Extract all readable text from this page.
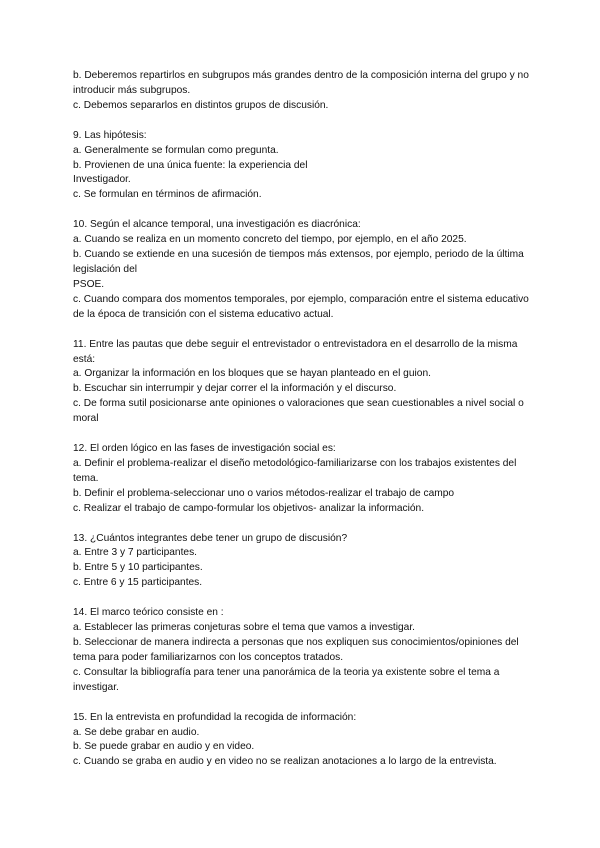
b. Deberemos repartirlos en subgrupos más grandes dentro de la composición interna del grupo y no introducir más subgrupos.

c. Debemos separarlos en distintos grupos de discusión.

9. Las hipótesis:

a. Generalmente se formulan como pregunta.

b. Provienen de una única fuente: la experiencia del

Investigador.

c. Se formulan en términos de afirmación.

10. Según el alcance temporal, una investigación es diacrónica:

a. Cuando se realiza en un momento concreto del tiempo, por ejemplo, en el año 2025.

b. Cuando se extiende en una sucesión de tiempos más extensos, por ejemplo, periodo de la última legislación del

PSOE.

c. Cuando compara dos momentos temporales, por ejemplo, comparación entre el sistema educativo de la época de transición con el sistema educativo actual.

11. Entre las pautas que debe seguir el entrevistador o entrevistadora en el desarrollo de la misma está:

a. Organizar la información en los bloques que se hayan planteado en el guion.

b. Escuchar sin interrumpir y dejar correr el la información y el discurso.

c. De forma sutil posicionarse ante opiniones o valoraciones que sean cuestionables a nivel social o moral

12. El orden lógico en las fases de investigación social es:

a. Definir el problema-realizar el diseño metodológico-familiarizarse con los trabajos existentes del tema.

b. Definir el problema-seleccionar uno o varios métodos-realizar el trabajo de campo

c. Realizar el trabajo de campo-formular los objetivos- analizar la información.

13. ¿Cuántos integrantes debe tener un grupo de discusión?

a. Entre 3 y 7 participantes.

b. Entre 5 y 10 participantes.

c. Entre 6 y 15 participantes.

14. El marco teórico consiste en :

a. Establecer las primeras conjeturas sobre el tema que vamos a investigar.

b. Seleccionar de manera indirecta a personas que nos expliquen sus conocimientos/opiniones del tema para poder familiarizarnos con los conceptos tratados.

c. Consultar la bibliografía para tener una panorámica de la teoria ya existente sobre el tema a investigar.

15. En la entrevista en profundidad la recogida de información:

a. Se debe grabar en audio.

b. Se puede grabar en audio y en video.

c. Cuando se graba en audio y en video no se realizan anotaciones a lo largo de la entrevista.
